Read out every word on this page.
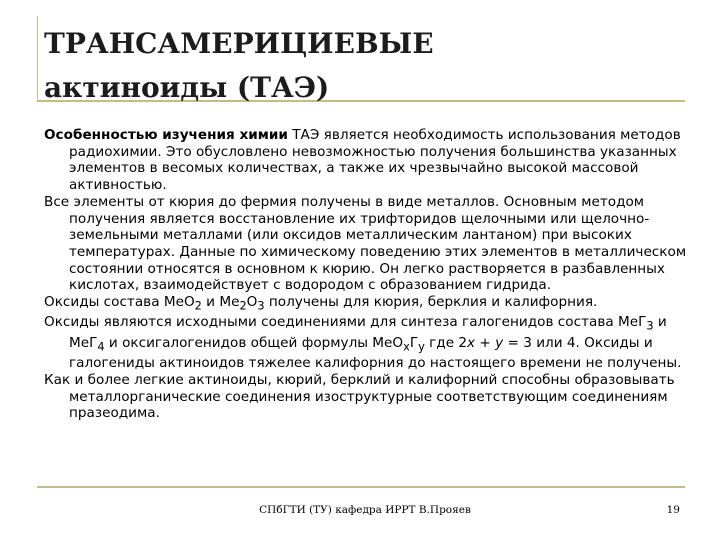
ТРАНСАМЕРИЦИЕВЫЕ
актиноиды (ТАЭ)

Особенностью изучения химии ТАЭ является необходимость использования методов радиохимии. Это обусловлено невозможностью получения большинства указанных элементов в весомых количествах, а также их чрезвычайно высокой массовой активностью.

Все элементы от кюрия до фермия получены в виде металлов. Основным методом получения является восстановление их трифторидов щелочными или щелочно-земельными металлами (или оксидов металлическим лантаном) при высоких температурах. Данные по химическому поведению этих элементов в металлическом состоянии относятся в основном к кюрию. Он легко растворяется в разбавленных кислотах, взаимодействует с водородом с образованием гидрида.

Оксиды состава МеО$_2$ и $Ме_2О_3$ получены для кюрия, берклия и калифорния.

Оксиды являются исходными соединениями для синтеза галогенидов состава МеГ$_3$ и МеГ$_4$ и оксигалогенидов общей формулы $МеО_хГ_у$ где 2х + у = 3 или 4. Оксиды и галогениды актиноидов тяжелее калифорния до настоящего времени не получены.

Как и более легкие актиноиды, кюрий, берклий и калифорний способны образовывать металлорганические соединения изоструктурные соответствующим соединениям празеодима.

СПбГТИ (ТУ) кафедра ИРРТ В.Прояев	19
